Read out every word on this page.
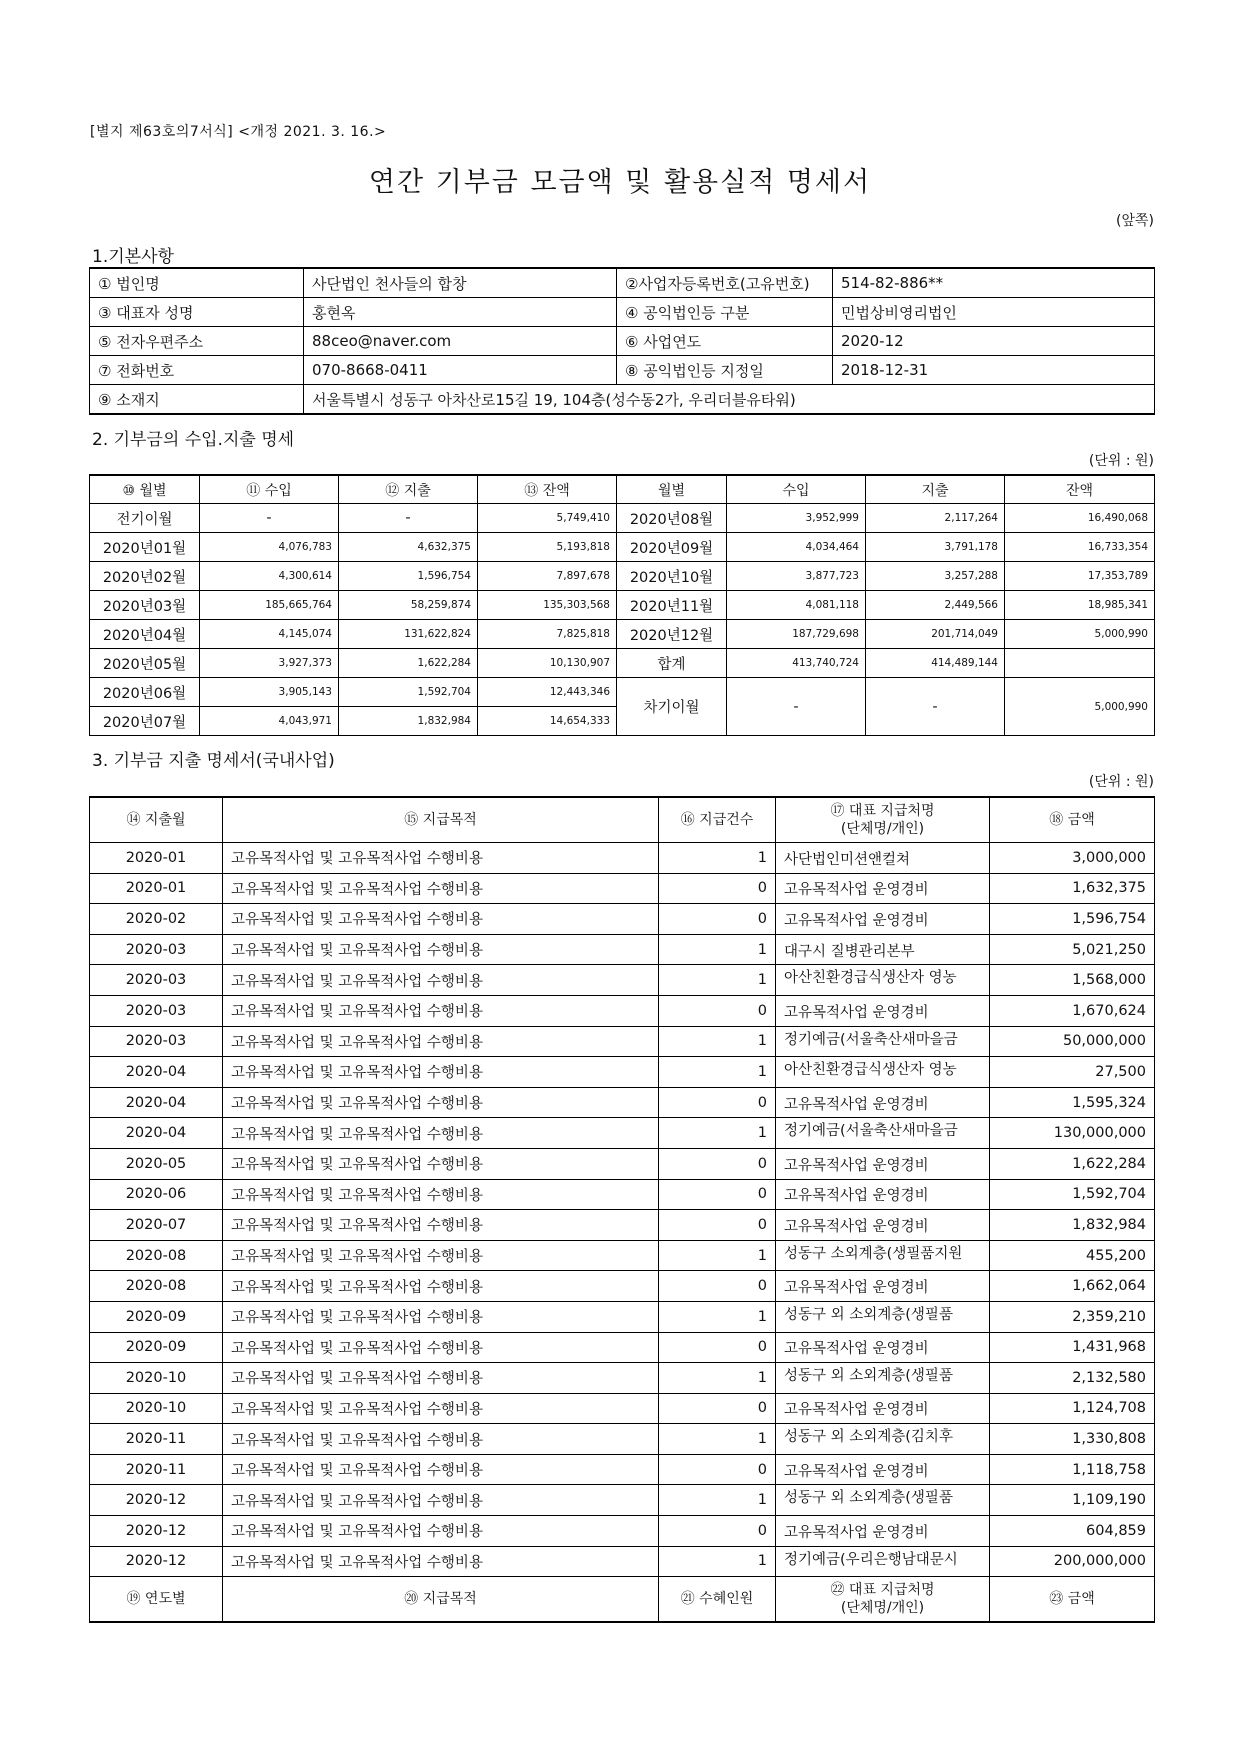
[별지 제63호의7서식] <개정 2021. 3. 16.>
연간 기부금 모금액 및 활용실적 명세서
(앞쪽)
1.기본사항
① 법인명	사단법인 천사들의 합창	②사업자등록번호(고유번호)	514-82-886**
③ 대표자 성명	홍현옥	④ 공익법인등 구분	민법상비영리법인
⑤ 전자우편주소	88ceo@naver.com	⑥ 사업연도	2020-12
⑦ 전화번호	070-8668-0411	⑧ 공익법인등 지정일	2018-12-31
⑨ 소재지	서울특별시 성동구 아차산로15길 19, 104층(성수동2가, 우리더블유타워)		
2. 기부금의 수입.지출 명세
(단위 : 원)
⑩ 월별	⑪ 수입	⑫ 지출	⑬ 잔액	월별	수입	지출	잔액
전기이월	-	-	5,749,410	2020년08월	3,952,999	2,117,264	16,490,068
2020년01월	4,076,783	4,632,375	5,193,818	2020년09월	4,034,464	3,791,178	16,733,354
2020년02월	4,300,614	1,596,754	7,897,678	2020년10월	3,877,723	3,257,288	17,353,789
2020년03월	185,665,764	58,259,874	135,303,568	2020년11월	4,081,118	2,449,566	18,985,341
2020년04월	4,145,074	131,622,824	7,825,818	2020년12월	187,729,698	201,714,049	5,000,990
2020년05월	3,927,373	1,622,284	10,130,907	합계	413,740,724	414,489,144	
2020년06월	3,905,143	1,592,704	12,443,346	차기이월	-	-	5,000,990
2020년07월	4,043,971	1,832,984	14,654,333				
3. 기부금 지출 명세서(국내사업)
(단위 : 원)
⑭ 지출월	⑮ 지급목적	⑯ 지급건수	⑰ 대표 지급처명
(단체명/개인)	⑱ 금액
2020-01	고유목적사업 및 고유목적사업 수행비용	1	사단법인미션앤컬쳐	3,000,000
2020-01	고유목적사업 및 고유목적사업 수행비용	0	고유목적사업 운영경비	1,632,375
2020-02	고유목적사업 및 고유목적사업 수행비용	0	고유목적사업 운영경비	1,596,754
2020-03	고유목적사업 및 고유목적사업 수행비용	1	대구시 질병관리본부	5,021,250
2020-03	고유목적사업 및 고유목적사업 수행비용	1	아산친환경급식생산자 영농	1,568,000
2020-03	고유목적사업 및 고유목적사업 수행비용	0	고유목적사업 운영경비	1,670,624
2020-03	고유목적사업 및 고유목적사업 수행비용	1	정기예금(서울축산새마을금	50,000,000
2020-04	고유목적사업 및 고유목적사업 수행비용	1	아산친환경급식생산자 영농	27,500
2020-04	고유목적사업 및 고유목적사업 수행비용	0	고유목적사업 운영경비	1,595,324
2020-04	고유목적사업 및 고유목적사업 수행비용	1	정기예금(서울축산새마을금	130,000,000
2020-05	고유목적사업 및 고유목적사업 수행비용	0	고유목적사업 운영경비	1,622,284
2020-06	고유목적사업 및 고유목적사업 수행비용	0	고유목적사업 운영경비	1,592,704
2020-07	고유목적사업 및 고유목적사업 수행비용	0	고유목적사업 운영경비	1,832,984
2020-08	고유목적사업 및 고유목적사업 수행비용	1	성동구 소외계층(생필품지원	455,200
2020-08	고유목적사업 및 고유목적사업 수행비용	0	고유목적사업 운영경비	1,662,064
2020-09	고유목적사업 및 고유목적사업 수행비용	1	성동구 외 소외계층(생필품	2,359,210
2020-09	고유목적사업 및 고유목적사업 수행비용	0	고유목적사업 운영경비	1,431,968
2020-10	고유목적사업 및 고유목적사업 수행비용	1	성동구 외 소외계층(생필품	2,132,580
2020-10	고유목적사업 및 고유목적사업 수행비용	0	고유목적사업 운영경비	1,124,708
2020-11	고유목적사업 및 고유목적사업 수행비용	1	성동구 외 소외계층(김치후	1,330,808
2020-11	고유목적사업 및 고유목적사업 수행비용	0	고유목적사업 운영경비	1,118,758
2020-12	고유목적사업 및 고유목적사업 수행비용	1	성동구 외 소외계층(생필품	1,109,190
2020-12	고유목적사업 및 고유목적사업 수행비용	0	고유목적사업 운영경비	604,859
2020-12	고유목적사업 및 고유목적사업 수행비용	1	정기예금(우리은행남대문시	200,000,000
⑲ 연도별	⑳ 지급목적	㉑ 수혜인원	㉒ 대표 지급처명
(단체명/개인)	㉓ 금액
